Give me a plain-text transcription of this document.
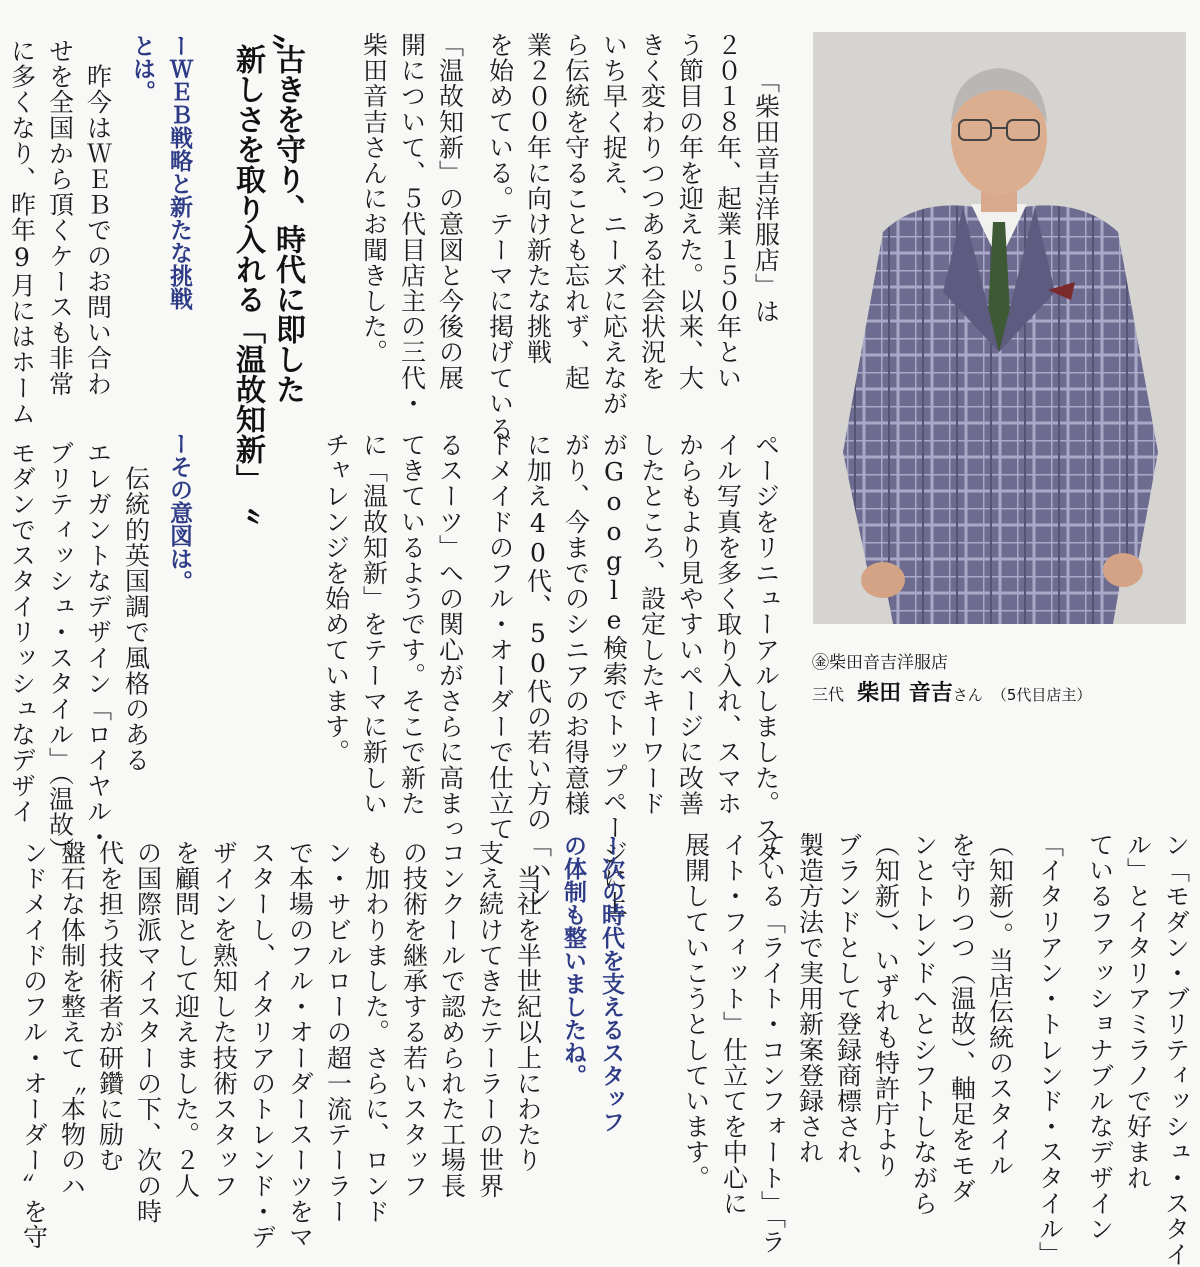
「柴田音吉洋服店」は
２０１８年、起業１５０年とい
う節目の年を迎えた。以来、大
きく変わりつつある社会状況を
いち早く捉え、ニーズに応えなが
ら伝統を守ることも忘れず、起
業２００年に向け新たな挑戦
を始めている。テーマに掲げている
「温故知新」の意図と今後の展
開について、５代目店主の三代・
柴田音吉さんにお聞きした。
〟
古きを守り、時代に即した
新しさを取り入れる「温故知新」
〝
ーＷＥＢ戦略と新たな挑戦
とは。
　昨今はＷＥＢでのお問い合わ
せを全国から頂くケースも非常
に多くなり、昨年9月にはホーム
ページをリニューアルしました。スタ
イル写真を多く取り入れ、スマホ
からもより見やすいページに改善
したところ、設定したキーワード
がGoogle検索でトップページに上
がり、今までのシニアのお得意様
に加え40代、50代の若い方の「ハン
ドメイドのフル・オーダーで仕立て
るスーツ」への関心がさらに高まっ
てきているようです。そこで新た
に「温故知新」をテーマに新しい
チャレンジを始めています。
ーその意図は。
　伝統的英国調で風格のある
エレガントなデザイン「ロイヤル・
ブリティッシュ・スタイル」（温故）、
モダンでスタイリッシュなデザイ
ン「モダン・ブリティッシュ・スタイ
ル」とイタリアミラノで好まれ
ているファッショナブルなデザイン
「イタリアン・トレンド・スタイル」
（知新）。当店伝統のスタイル
を守りつつ（温故）、軸足をモダ
ンとトレンドへとシフトしながら
（知新）、いずれも特許庁より
ブランドとして登録商標され、
製造方法で実用新案登録され
ている「ライト・コンフォート」「ラ
イト・フィット」仕立てを中心に
展開していこうとしています。
ー次の時代を支えるスタッフ
の体制も整いましたね。
　当社を半世紀以上にわたり
支え続けてきたテーラーの世界
コンクールで認められた工場長
の技術を継承する若いスタッフ
も加わりました。さらに、ロンド
ン・サビルローの超一流テーラー
で本場のフル・オーダースーツをマ
スターし、イタリアのトレンド・デ
ザインを熟知した技術スタッフ
を顧問として迎えました。２人
の国際派マイスターの下、次の時
代を担う技術者が研鑽に励む
盤石な体制を整えて〝本物のハ
ンドメイドのフル・オーダー〟を守
㊎柴田音吉洋服店
三代 柴田 音吉さん （5代目店主）
